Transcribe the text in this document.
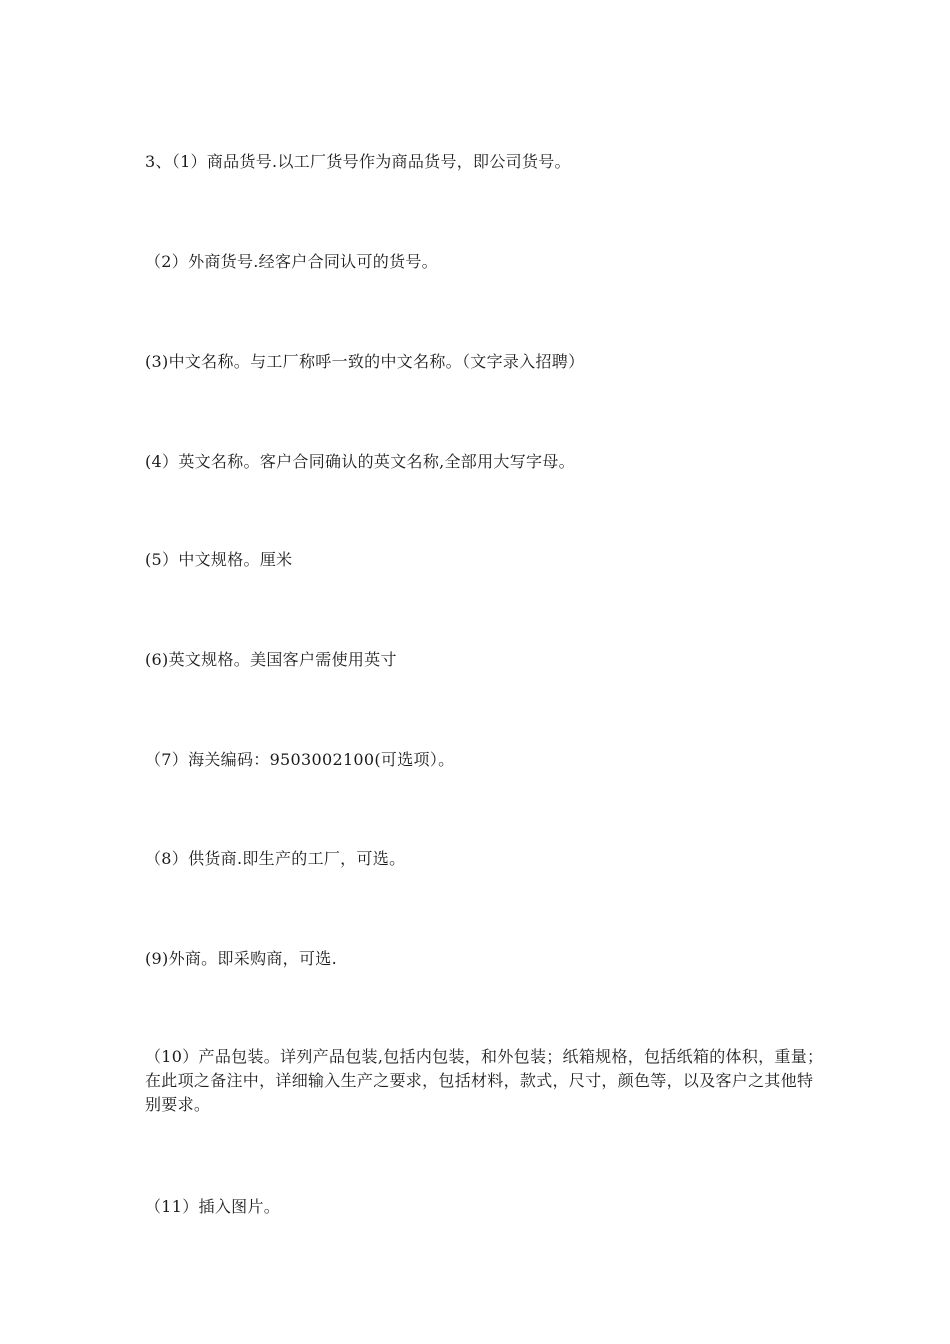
3、（1）商品货号.以工厂货号作为商品货号，即公司货号。

（2）外商货号.经客户合同认可的货号。

(3)中文名称。与工厂称呼一致的中文名称。（文字录入招聘）

(4）英文名称。客户合同确认的英文名称,全部用大写字母。

(5）中文规格。厘米

(6)英文规格。美国客户需使用英寸

（7）海关编码：9503002100(可选项）。

（8）供货商.即生产的工厂，可选。

(9)外商。即采购商，可选.

（10）产品包装。详列产品包装,包括内包装，和外包装；纸箱规格，包括纸箱的体积，重量；在此项之备注中，详细输入生产之要求，包括材料，款式，尺寸，颜色等，以及客户之其他特别要求。

（11）插入图片。
